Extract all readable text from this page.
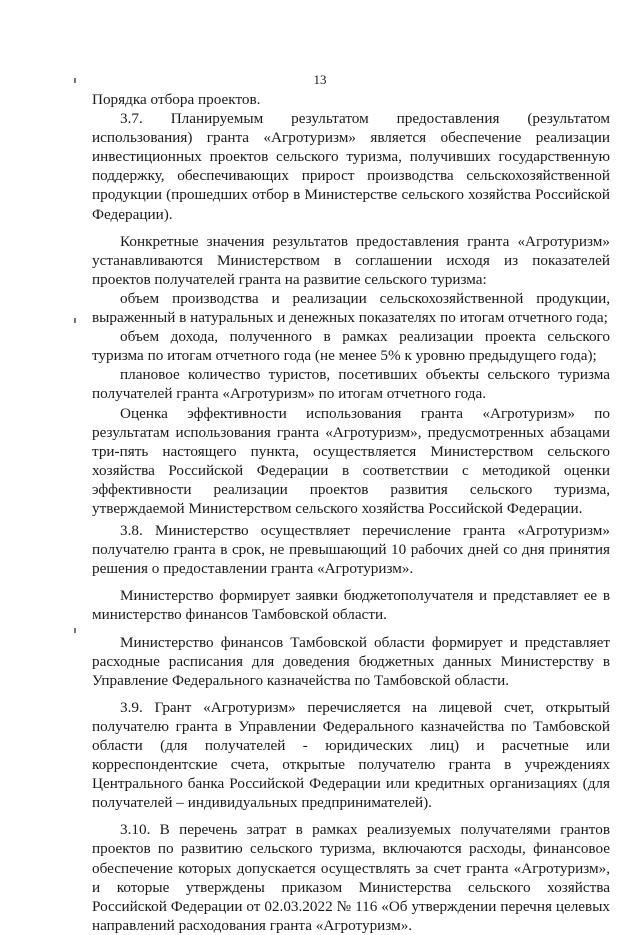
13

Порядка отбора проектов.

3.7. Планируемым результатом предоставления (результатом использования) гранта «Агротуризм» является обеспечение реализации инвестиционных проектов сельского туризма, получивших государственную поддержку, обеспечивающих прирост производства сельскохозяйственной продукции (прошедших отбор в Министерстве сельского хозяйства Российской Федерации).

Конкретные значения результатов предоставления гранта «Агротуризм» устанавливаются Министерством в соглашении исходя из показателей проектов получателей гранта на развитие сельского туризма:

объем производства и реализации сельскохозяйственной продукции, выраженный в натуральных и денежных показателях по итогам отчетного года;

объем дохода, полученного в рамках реализации проекта сельского туризма по итогам отчетного года (не менее 5% к уровню предыдущего года);

плановое количество туристов, посетивших объекты сельского туризма получателей гранта «Агротуризм» по итогам отчетного года.

Оценка эффективности использования гранта «Агротуризм» по результатам использования гранта «Агротуризм», предусмотренных абзацами три-пять настоящего пункта, осуществляется Министерством сельского хозяйства Российской Федерации в соответствии с методикой оценки эффективности реализации проектов развития сельского туризма, утверждаемой Министерством сельского хозяйства Российской Федерации.

3.8. Министерство осуществляет перечисление гранта «Агротуризм» получателю гранта в срок, не превышающий 10 рабочих дней со дня принятия решения о предоставлении гранта «Агротуризм».

Министерство формирует заявки бюджетополучателя и представляет ее в министерство финансов Тамбовской области.

Министерство финансов Тамбовской области формирует и представляет расходные расписания для доведения бюджетных данных Министерству в Управление Федерального казначейства по Тамбовской области.

3.9. Грант «Агротуризм» перечисляется на лицевой счет, открытый получателю гранта в Управлении Федерального казначейства по Тамбовской области (для получателей - юридических лиц) и расчетные или корреспондентские счета, открытые получателю гранта в учреждениях Центрального банка Российской Федерации или кредитных организациях (для получателей – индивидуальных предпринимателей).

3.10. В перечень затрат в рамках реализуемых получателями грантов проектов по развитию сельского туризма, включаются расходы, финансовое обеспечение которых допускается осуществлять за счет гранта «Агротуризм», и которые утверждены приказом Министерства сельского хозяйства Российской Федерации от 02.03.2022 № 116 «Об утверждении перечня целевых направлений расходования гранта «Агротуризм».
